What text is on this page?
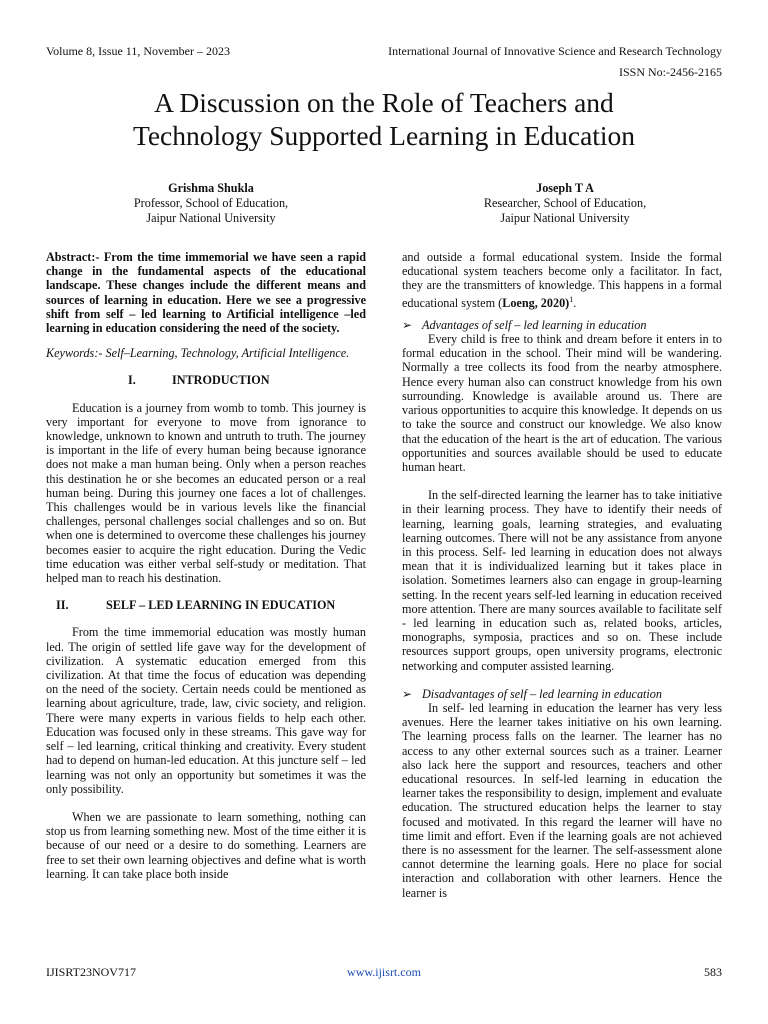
Volume 8, Issue 11, November – 2023	International Journal of Innovative Science and Research Technology
ISSN No:-2456-2165
A Discussion on the Role of Teachers and
Technology Supported Learning in Education
Grishma Shukla
Professor, School of Education,
Jaipur National University
Joseph T A
Researcher, School of Education,
Jaipur National University

Abstract:- From the time immemorial we have seen a rapid change in the fundamental aspects of the educational landscape. These changes include the different means and sources of learning in education. Here we see a progressive shift from self – led learning to Artificial intelligence –led learning in education considering the need of the society.

Keywords:- Self–Learning, Technology, Artificial Intelligence.

I.	INTRODUCTION

Education is a journey from womb to tomb. This journey is very important for everyone to move from ignorance to knowledge, unknown to known and untruth to truth. The journey is important in the life of every human being because ignorance does not make a man human being. Only when a person reaches this destination he or she becomes an educated person or a real human being. During this journey one faces a lot of challenges. This challenges would be in various levels like the financial challenges, personal challenges social challenges and so on. But when one is determined to overcome these challenges his journey becomes easier to acquire the right education. During the Vedic time education was either verbal self-study or meditation. That helped man to reach his destination.

II.	SELF – LED LEARNING IN EDUCATION

From the time immemorial education was mostly human led. The origin of settled life gave way for the development of civilization. A systematic education emerged from this civilization. At that time the focus of education was depending on the need of the society. Certain needs could be mentioned as learning about agriculture, trade, law, civic society, and religion. There were many experts in various fields to help each other. Education was focused only in these streams. This gave way for self – led learning, critical thinking and creativity. Every student had to depend on human-led education. At this juncture self – led learning was not only an opportunity but sometimes it was the only possibility.

When we are passionate to learn something, nothing can stop us from learning something new. Most of the time either it is because of our need or a desire to do something. Learners are free to set their own learning objectives and define what is worth learning. It can take place both inside

and outside a formal educational system. Inside the formal educational system teachers become only a facilitator. In fact, they are the transmitters of knowledge. This happens in a formal educational system (Loeng, 2020)$^1$.

➢ Advantages of self – led learning in education

Every child is free to think and dream before it enters in to formal education in the school. Their mind will be wandering. Normally a tree collects its food from the nearby atmosphere. Hence every human also can construct knowledge from his own surrounding. Knowledge is available around us. There are various opportunities to acquire this knowledge. It depends on us to take the source and construct our knowledge. We also know that the education of the heart is the art of education. The various opportunities and sources available should be used to educate human heart.

In the self-directed learning the learner has to take initiative in their learning process. They have to identify their needs of learning, learning goals, learning strategies, and evaluating learning outcomes. There will not be any assistance from anyone in this process. Self- led learning in education does not always mean that it is individualized learning but it takes place in isolation. Sometimes learners also can engage in group-learning setting. In the recent years self-led learning in education received more attention. There are many sources available to facilitate self - led learning in education such as, related books, articles, monographs, symposia, practices and so on. These include resources support groups, open university programs, electronic networking and computer assisted learning.

➢ Disadvantages of self – led learning in education

In self- led learning in education the learner has very less avenues. Here the learner takes initiative on his own learning. The learning process falls on the learner. The learner has no access to any other external sources such as a trainer. Learner also lack here the support and resources, teachers and other educational resources. In self-led learning in education the learner takes the responsibility to design, implement and evaluate education. The structured education helps the learner to stay focused and motivated. In this regard the learner will have no time limit and effort. Even if the learning goals are not achieved there is no assessment for the learner. The self-assessment alone cannot determine the learning goals. Here no place for social interaction and collaboration with other learners. Hence the learner is

IJISRT23NOV717	www.ijisrt.com	583
